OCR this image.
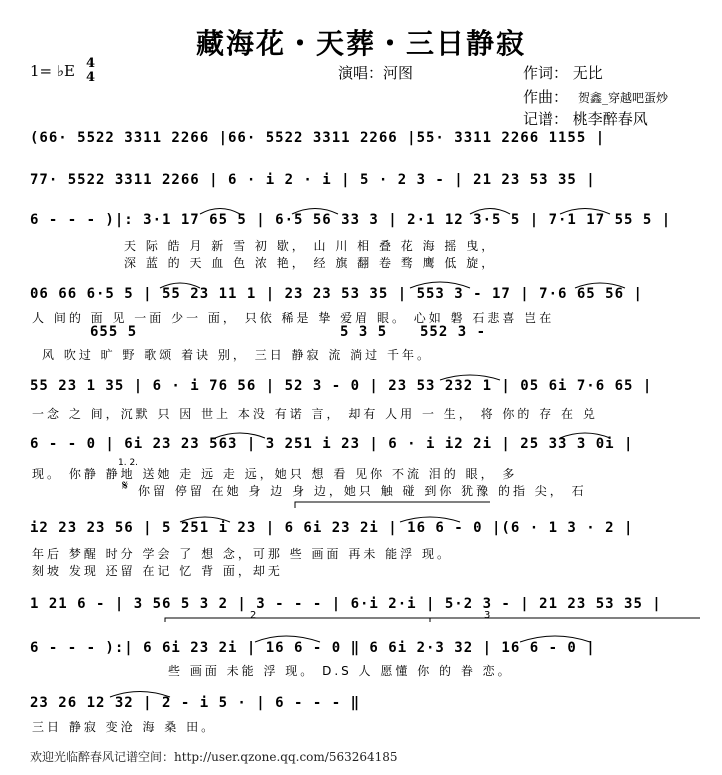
藏海花・天葬・三日静寂
1= ♭E 4
4	演唱：河图	作词： 无比
作曲： 贺鑫_穿越吧蛋炒
记谱： 桃李醉春风
(66· 5522 3311 2266 |66· 5522 3311 2266 |55· 3311 2266 1155 |
77· 5522 3311 2266 | 6 · i 2 · i | 5 · 2 3 - | 21 23 53 35 |
6 - - - )|: 3·1 17 65 5 | 6·5 56 33 3 | 2·1 12 3·5 5 | 7·1 17 55 5 |
天 际 皓 月 新 雪 初 歇， 山 川 相 叠 花 海 摇 曳，
深 蓝 的 天 血 色 浓 艳， 经 旗 翻 卷 骛 鹰 低 旋，
06 66 6·5 5 | 55 23 11 1 | 23 23 53 35 | 553 3 - 17 | 7·6 65 56 |
人 间的 面 见 一面 少一 面， 只依 稀是 挚 爱眉 眼。 心如 磐 石悲喜 岂在
655 5	5 3 5 552 3 -
风 吹过 旷 野 歌颂 着诀 别， 三日 静寂 流 淌过 千年。
55 23 1 35 | 6 · i 76 56 | 52 3 - 0 | 23 53 232 1 | 05 6i 7·6 65 |
一念 之 间，沉默 只 因 世上 本没 有诺 言， 却有 人用 一 生， 将 你的 存 在 兑
6 - - 0 | 6i 23 23 563 | 3 251 i 23 | 6 · i i2 2i | 25 33 3 0i |
1. 2.
现。 你静 静地 送她 走 远 走 远，她只 想 看 见你 不流 泪的 眼， 多
𝄋 你留 停留 在她 身 边 身 边，她只 触 碰 到你 犹豫 的指 尖， 石
i2 23 23 56 | 5 251 i 23 | 6 6i 23 2i | 16 6 - 0 |(6 · 1 3 · 2 |
年后 梦醒 时分 学会 了 想 念，可那 些 画面 再未 能浮 现。
刻坡 发现 还留 在记 忆 背 面，却无
1 21 6 - | 3 56 5 3 2 | 3 - - - | 6·i 2·i | 5·2 3 - | 21 23 53 35 |
6 - - - ):| 6 6i 23 2i | 16 6 - 0 ‖ 6 6i 2·3 32 | 16 6 - 0 |
2	3
些 画面 未能 浮 现。 D.S 人 愿懂 你 的 眷 恋。
23 26 12 32 | 2 - i 5 · | 6 - - - ‖
三日 静寂 变沧 海 桑 田。
欢迎光临醉春风记谱空间：http://user.qzone.qq.com/563264185
